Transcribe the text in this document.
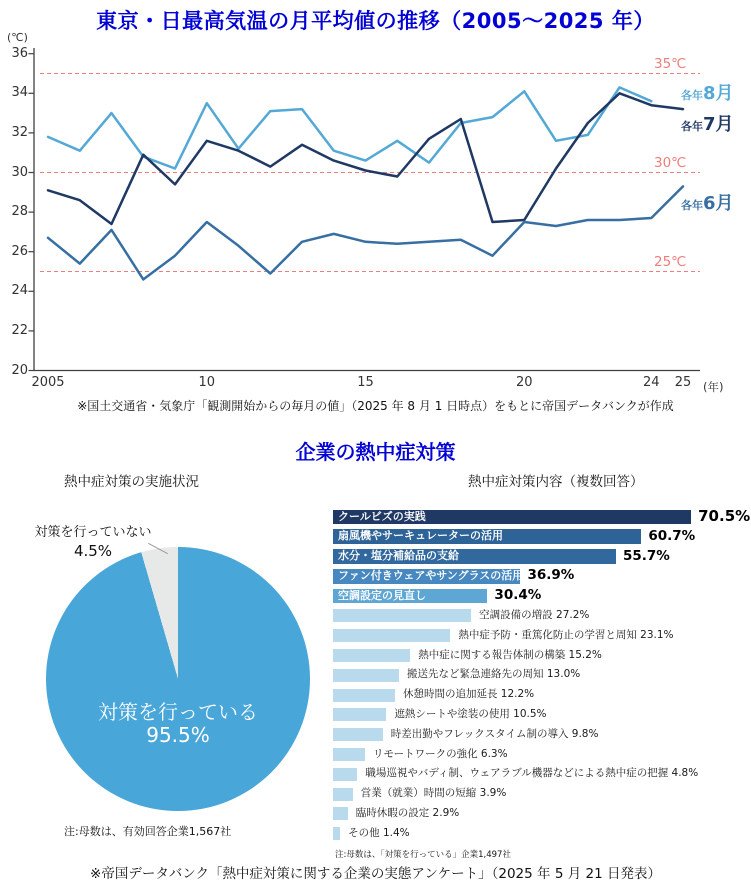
東京・日最高気温の月平均値の推移（2005～2025 年）
(℃)
36
34
32
30
28
26
24
22
20
35℃
30℃
25℃
2005	10	15	20	24	25
各年8月
各年7月
各年6月
(年)
※国土交通省・気象庁「観測開始からの毎月の値」（2025 年 8 月 1 日時点）をもとに帝国データバンクが作成
企業の熱中症対策
熱中症対策の実施状況	熱中症対策内容（複数回答）
対策を行っていない
4.5%
対策を行っている
95.5%
注:母数は、有効回答企業1,567社
クールビズの実践	70.5%
扇風機やサーキュレーターの活用	60.7%
水分・塩分補給品の支給	55.7%
ファン付きウェアやサングラスの活用 36.9%
空調設定の見直し	30.4%
空調設備の増設 27.2%
熱中症予防・重篤化防止の学習と周知 23.1%
熱中症に関する報告体制の構築 15.2%
搬送先など緊急連絡先の周知 13.0%
休憩時間の追加延長 12.2%
遮熱シートや塗装の使用 10.5%
時差出勤やフレックスタイム制の導入 9.8%
リモートワークの強化 6.3%
職場巡視やバディ制、ウェアラブル機器などによる熱中症の把握 4.8%
営業（就業）時間の短縮 3.9%
臨時休暇の設定 2.9%
その他 1.4%
注:母数は、「対策を行っている」企業1,497社
※帝国データバンク「熱中症対策に関する企業の実態アンケート」（2025 年 5 月 21 日発表）
